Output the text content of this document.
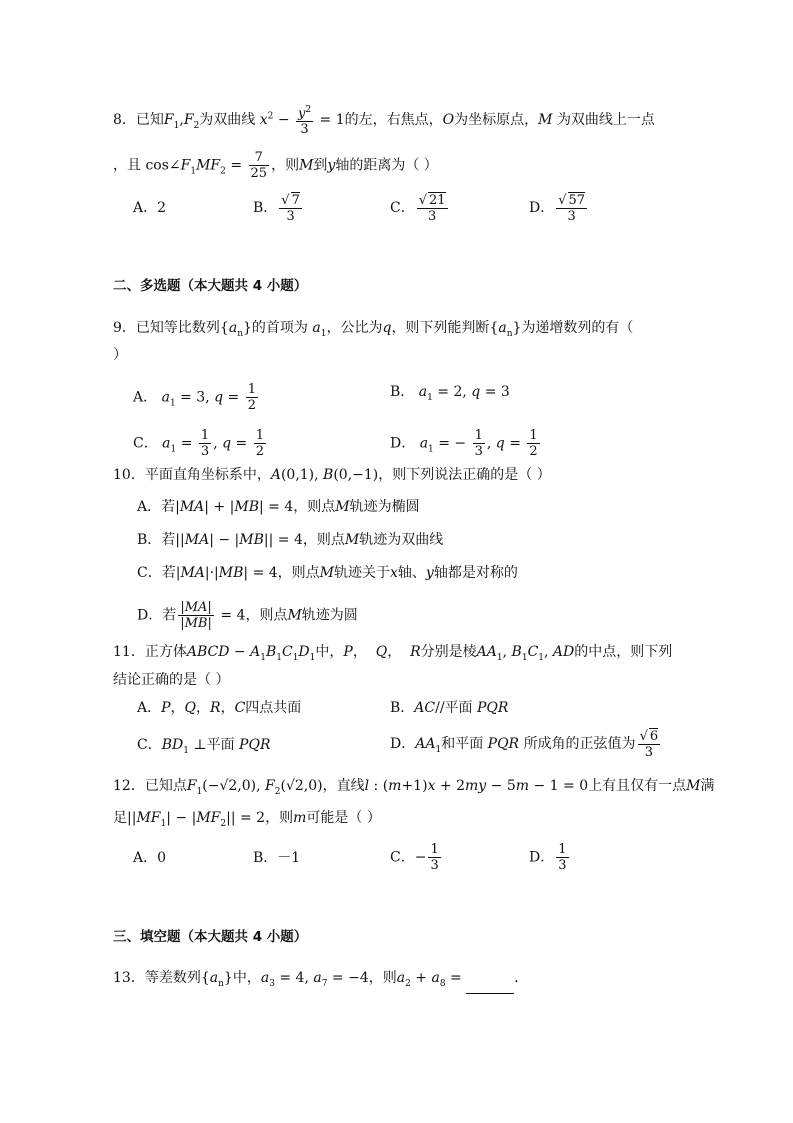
8．已知$F_1,F_2$为双曲线 $x^2 - \frac{y^2}{3} = 1$的左，右焦点，O为坐标原点，M 为双曲线上一点
，且 $\cos\angle F_1MF_2 = \frac{7}{25}$ ，则M到y轴的距离为（ ）
A．2	B． $\frac{√ 7}{3}$	C． $\frac{√ 21}{3}$	D． $\frac{√ 57}{3}$
二、多选题（本大题共 4 小题）
9．已知等比数列$\{a_n\}$的首项为 $a_1$，公比为q，则下列能判断$\{a_n\}$为递增数列的有（
）
A． $a_1 = 3$, $q = \frac{1}{2}$	B． $a_1 = 2$, q = 3
C． $a_1 = \frac{1}{3}$ , $q = \frac{1}{2}$	D． $a_1$ = − $\frac{1}{3}$ , $q = \frac{1}{2}$
10．平面直角坐标系中，A(0,1), B(0,−1)，则下列说法正确的是（ ）
A．若|MA| + |MB| = 4，则点M轨迹为椭圆
B．若||MA| − |MB|| = 4，则点M轨迹为双曲线
C．若|MA|·|MB| = 4，则点M轨迹关于x轴、y轴都是对称的
D．若 $\frac{|MA|}{|MB|} = 4$，则点M轨迹为圆
11．正方体ABCD − $A_1B_1C_1D_1$中，P，  Q，  R分别是棱$AA_1$, $B_1C_1$, AD的中点，则下列
结论正确的是（ ）
A．P，Q，R，C四点共面	B．AC//平面 PQR
C．$BD_1$ ⊥平面 PQR	D．$AA_1$和平面 PQR 所成角的正弦值为 $\frac{√ 6}{3}$
12．已知点$F_1(-√2,0)$, $F_2(√2,0)$，直线l : (m+1)x + 2my − 5m − 1 = 0上有且仅有一点M满
足$||MF_1| - |MF_2|| = 2$，则m可能是（ ）
A．0	B．－1	C．− $\frac{1}{3}$	D． $\frac{1}{3}$
三、填空题（本大题共 4 小题）
13．等差数列$\{a_n\}$中，$a_3 = 4$, $a_7 = -4$，则$a_2 + a_8$ =	．
